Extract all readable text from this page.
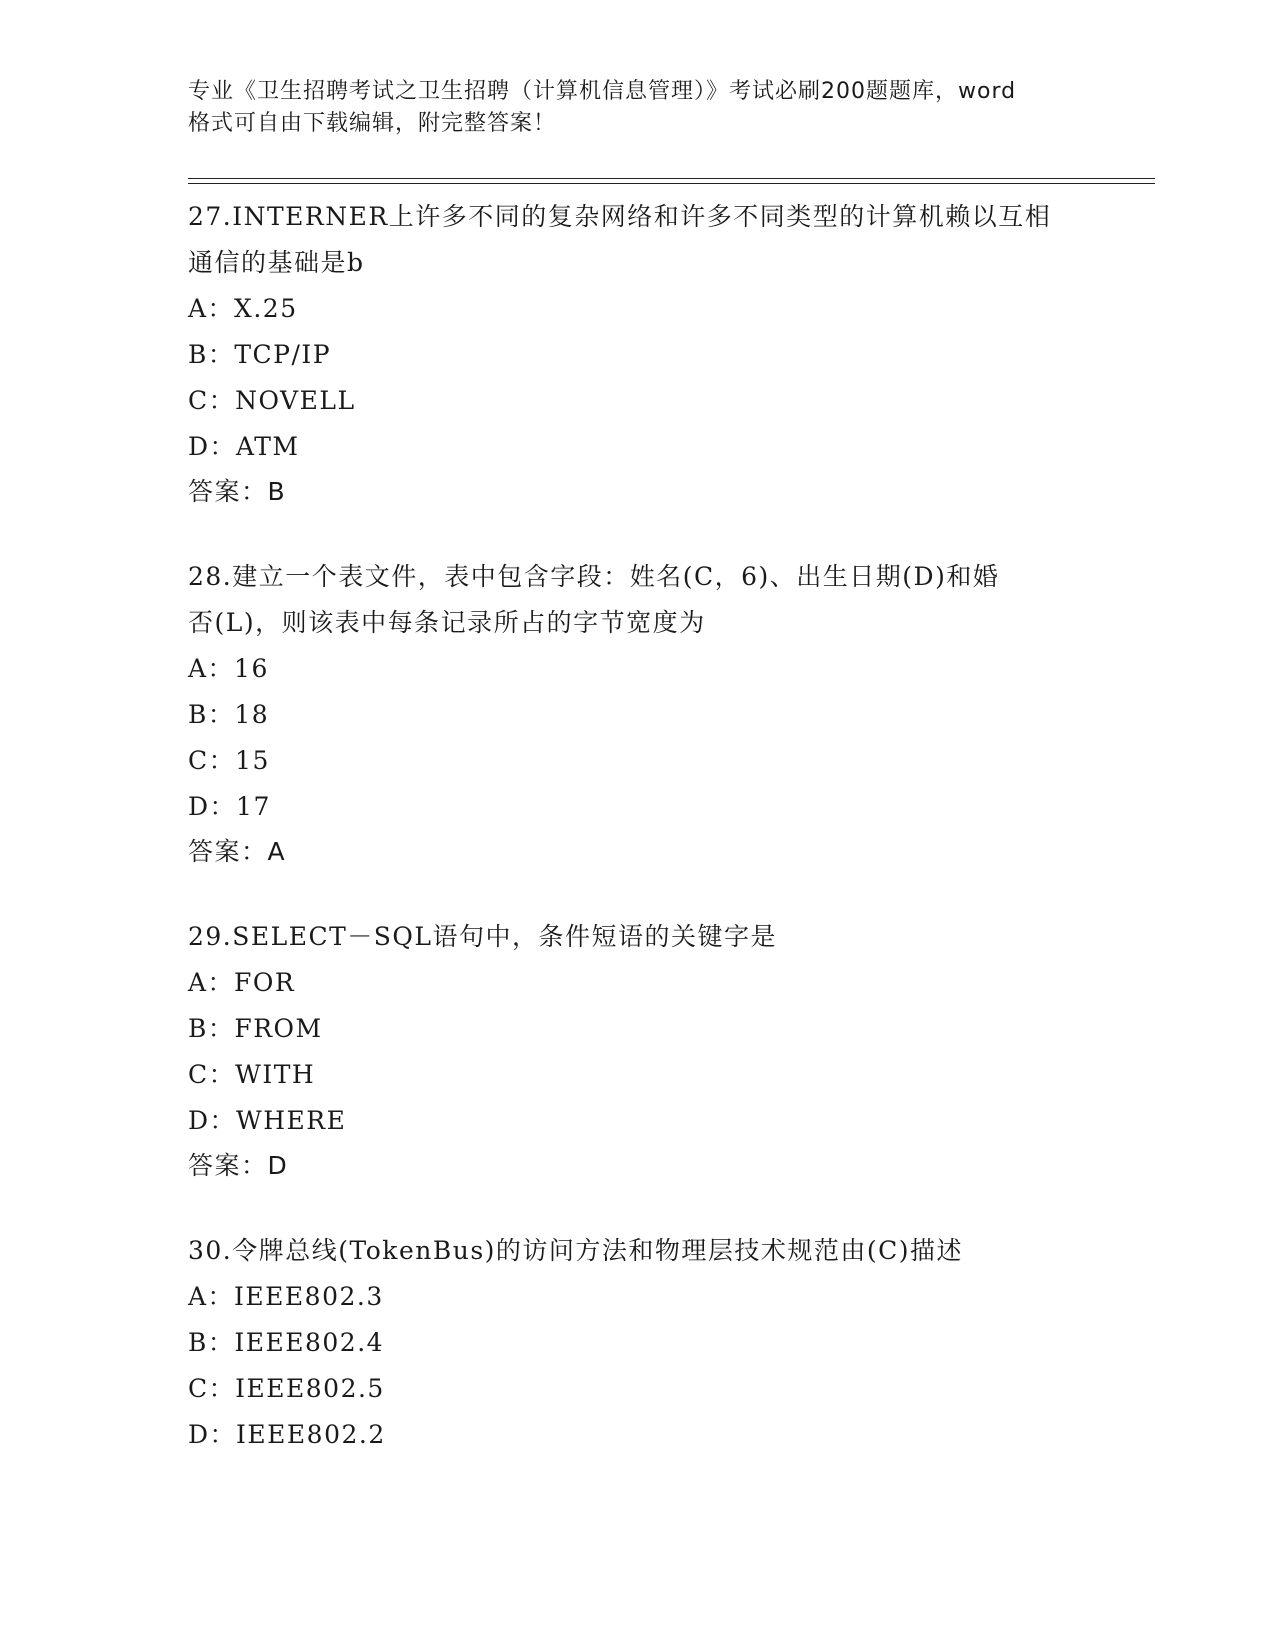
专业《卫生招聘考试之卫生招聘（计算机信息管理）》考试必刷200题题库，word
格式可自由下载编辑，附完整答案！
27.INTERNER上许多不同的复杂网络和许多不同类型的计算机赖以互相
通信的基础是b
A：X.25
B：TCP/IP
C：NOVELL
D：ATM
答案：B
28.建立一个表文件，表中包含字段：姓名(C，6)、出生日期(D)和婚
否(L)，则该表中每条记录所占的字节宽度为
A：16
B：18
C：15
D：17
答案：A
29.SELECT－SQL语句中，条件短语的关键字是
A：FOR
B：FROM
C：WITH
D：WHERE
答案：D
30.令牌总线(TokenBus)的访问方法和物理层技术规范由(C)描述
A：IEEE802.3
B：IEEE802.4
C：IEEE802.5
D：IEEE802.2
